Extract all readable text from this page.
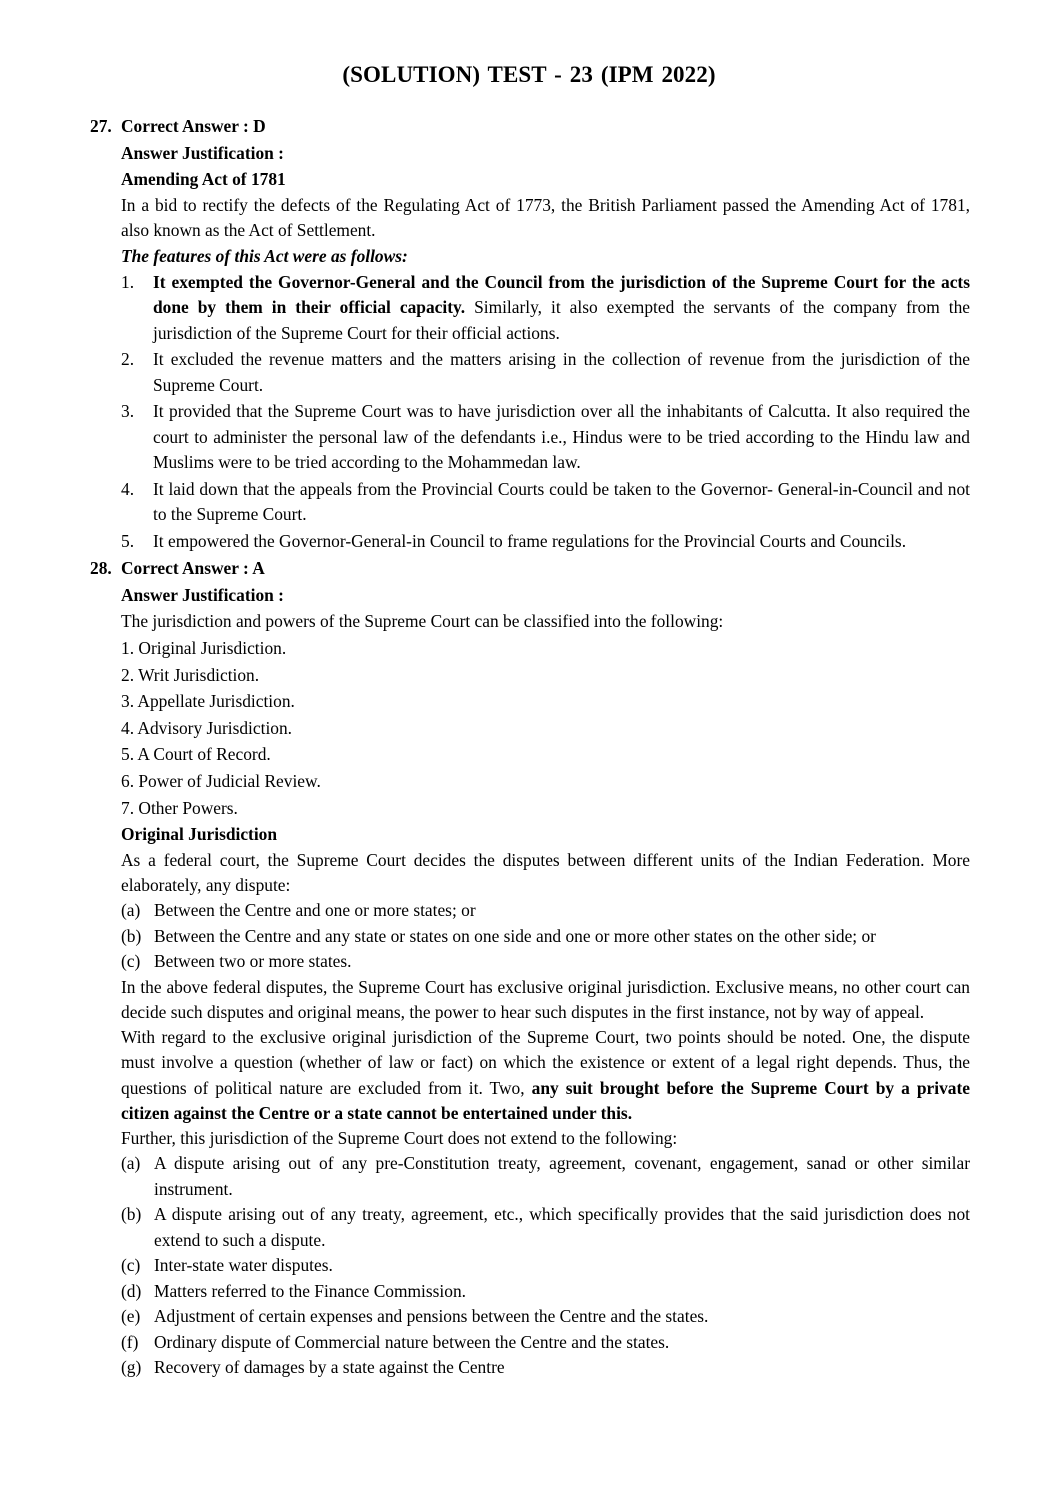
(SOLUTION) TEST - 23 (IPM 2022)
27. Correct Answer : D
Answer Justification :
Amending Act of 1781
In a bid to rectify the defects of the Regulating Act of 1773, the British Parliament passed the Amending Act of 1781, also known as the Act of Settlement.
The features of this Act were as follows:
1.	It exempted the Governor-General and the Council from the jurisdiction of the Supreme Court for the acts done by them in their official capacity. Similarly, it also exempted the servants of the company from the jurisdiction of the Supreme Court for their official actions.
2.	It excluded the revenue matters and the matters arising in the collection of revenue from the jurisdiction of the Supreme Court.
3.	It provided that the Supreme Court was to have jurisdiction over all the inhabitants of Calcutta. It also required the court to administer the personal law of the defendants i.e., Hindus were to be tried according to the Hindu law and Muslims were to be tried according to the Mohammedan law.
4.	It laid down that the appeals from the Provincial Courts could be taken to the Governor- General-in-Council and not to the Supreme Court.
5.	It empowered the Governor-General-in Council to frame regulations for the Provincial Courts and Councils.
28. Correct Answer : A
Answer Justification :
The jurisdiction and powers of the Supreme Court can be classified into the following:
1. Original Jurisdiction.
2. Writ Jurisdiction.
3. Appellate Jurisdiction.
4. Advisory Jurisdiction.
5. A Court of Record.
6. Power of Judicial Review.
7. Other Powers.
Original Jurisdiction
As a federal court, the Supreme Court decides the disputes between different units of the Indian Federation. More elaborately, any dispute:
(a) Between the Centre and one or more states; or
(b) Between the Centre and any state or states on one side and one or more other states on the other side; or
(c) Between two or more states.
In the above federal disputes, the Supreme Court has exclusive original jurisdiction. Exclusive means, no other court can decide such disputes and original means, the power to hear such disputes in the first instance, not by way of appeal.
With regard to the exclusive original jurisdiction of the Supreme Court, two points should be noted. One, the dispute must involve a question (whether of law or fact) on which the existence or extent of a legal right depends. Thus, the questions of political nature are excluded from it. Two, any suit brought before the Supreme Court by a private citizen against the Centre or a state cannot be entertained under this.
Further, this jurisdiction of the Supreme Court does not extend to the following:
(a) A dispute arising out of any pre-Constitution treaty, agreement, covenant, engagement, sanad or other similar instrument.
(b) A dispute arising out of any treaty, agreement, etc., which specifically provides that the said jurisdiction does not extend to such a dispute.
(c) Inter-state water disputes.
(d) Matters referred to the Finance Commission.
(e) Adjustment of certain expenses and pensions between the Centre and the states.
(f) Ordinary dispute of Commercial nature between the Centre and the states.
(g) Recovery of damages by a state against the Centre
